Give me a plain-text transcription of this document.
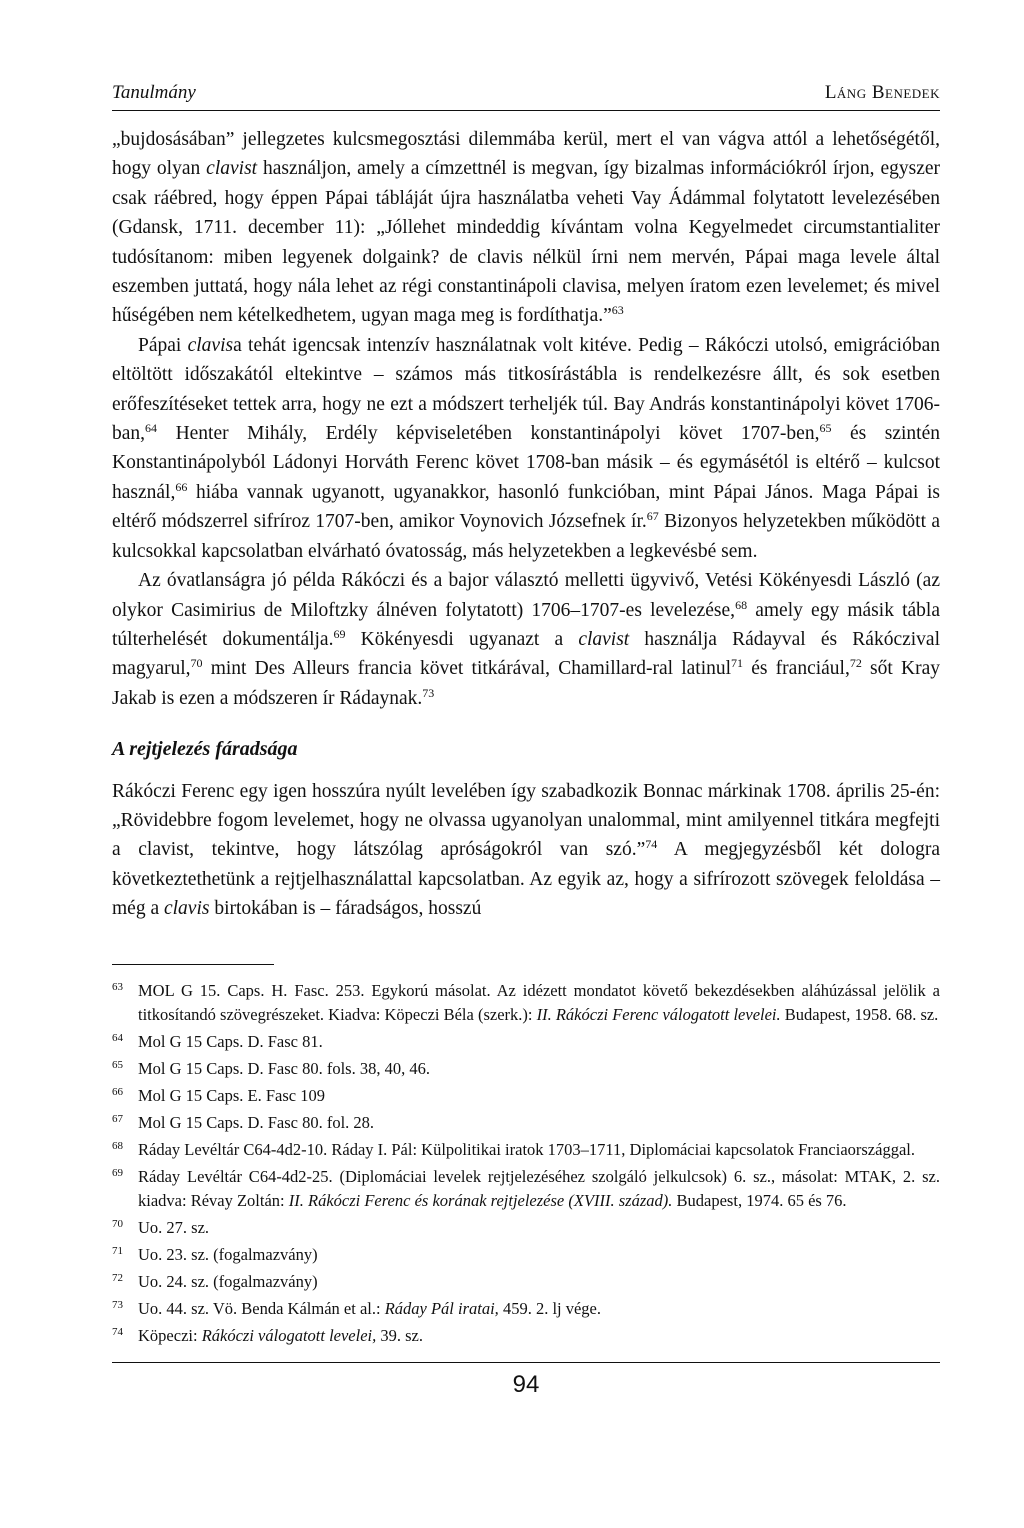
Tanulmány	Láng Benedek

„bujdosásában” jellegzetes kulcsmegosztási dilemmába kerül, mert el van vágva attól a lehetőségétől, hogy olyan clavist használjon, amely a címzettnél is megvan, így bizalmas információkról írjon, egyszer csak ráébred, hogy éppen Pápai tábláját újra használatba veheti Vay Ádámmal folytatott levelezésében (Gdansk, 1711. december 11): „Jóllehet mindeddig kívántam volna Kegyelmedet circumstantialiter tudósítanom: miben legyenek dolgaink? de clavis nélkül írni nem mervén, Pápai maga levele által eszemben juttatá, hogy nála lehet az régi constantinápoli clavisa, melyen íratom ezen levelemet; és mivel hűségében nem kételkedhetem, ugyan maga meg is fordíthatja.”$^{63}$

Pápai clavisa tehát igencsak intenzív használatnak volt kitéve. Pedig – Rákóczi utolsó, emigrációban eltöltött időszakától eltekintve – számos más titkosírástábla is rendelkezésre állt, és sok esetben erőfeszítéseket tettek arra, hogy ne ezt a módszert terheljék túl. Bay András konstantinápolyi követ 1706-ban,$^{64}$ Henter Mihály, Erdély képviseletében konstantinápolyi követ 1707-ben,$^{65}$ és szintén Konstantinápolyból Ládonyi Horváth Ferenc követ 1708-ban másik – és egymásétól is eltérő – kulcsot használ,$^{66}$ hiába vannak ugyanott, ugyanakkor, hasonló funkcióban, mint Pápai János. Maga Pápai is eltérő módszerrel sifríroz 1707-ben, amikor Voynovich Józsefnek ír.$^{67}$ Bizonyos helyzetekben működött a kulcsokkal kapcsolatban elvárható óvatosság, más helyzetekben a legkevésbé sem.

Az óvatlanságra jó példa Rákóczi és a bajor választó melletti ügyvivő, Vetési Kökényesdi László (az olykor Casimirius de Miloftzky álnéven folytatott) 1706–1707-es levelezése,$^{68}$ amely egy másik tábla túlterhelését dokumentálja.$^{69}$ Kökényesdi ugyanazt a clavist használja Rádayval és Rákóczival magyarul,$^{70}$ mint Des Alleurs francia követ titkárával, Chamillard-ral latinul$^{71}$ és franciául,$^{72}$ sőt Kray Jakab is ezen a módszeren ír Rádaynak.$^{73}$

A rejtjelezés fáradsága

Rákóczi Ferenc egy igen hosszúra nyúlt levelében így szabadkozik Bonnac márkinak 1708. április 25-én: „Rövidebbre fogom levelemet, hogy ne olvassa ugyanolyan unalommal, mint amilyennel titkára megfejti a clavist, tekintve, hogy látszólag apróságokról van szó.”$^{74}$ A megjegyzésből két dologra következtethetünk a rejtjelhasználattal kapcsolatban. Az egyik az, hogy a sifrírozott szövegek feloldása – még a clavis birtokában is – fáradságos, hosszú

63 MOL G 15. Caps. H. Fasc. 253. Egykorú másolat. Az idézett mondatot követő bekezdésekben aláhúzással jelölik a titkosítandó szövegrészeket. Kiadva: Köpeczi Béla (szerk.): II. Rákóczi Ferenc válogatott levelei. Budapest, 1958. 68. sz.
64 Mol G 15 Caps. D. Fasc 81.
65 Mol G 15 Caps. D. Fasc 80. fols. 38, 40, 46.
66 Mol G 15 Caps. E. Fasc 109
67 Mol G 15 Caps. D. Fasc 80. fol. 28.
68 Ráday Levéltár C64-4d2-10. Ráday I. Pál: Külpolitikai iratok 1703–1711, Diplomáciai kapcsolatok Franciaországgal.
69 Ráday Levéltár C64-4d2-25. (Diplomáciai levelek rejtjelezéséhez szolgáló jelkulcsok) 6. sz., másolat: MTAK, 2. sz. kiadva: Révay Zoltán: II. Rákóczi Ferenc és korának rejtjelezése (XVIII. század). Budapest, 1974. 65 és 76.
70 Uo. 27. sz.
71 Uo. 23. sz. (fogalmazvány)
72 Uo. 24. sz. (fogalmazvány)
73 Uo. 44. sz. Vö. Benda Kálmán et al.: Ráday Pál iratai, 459. 2. lj vége.
74 Köpeczi: Rákóczi válogatott levelei, 39. sz.
94
